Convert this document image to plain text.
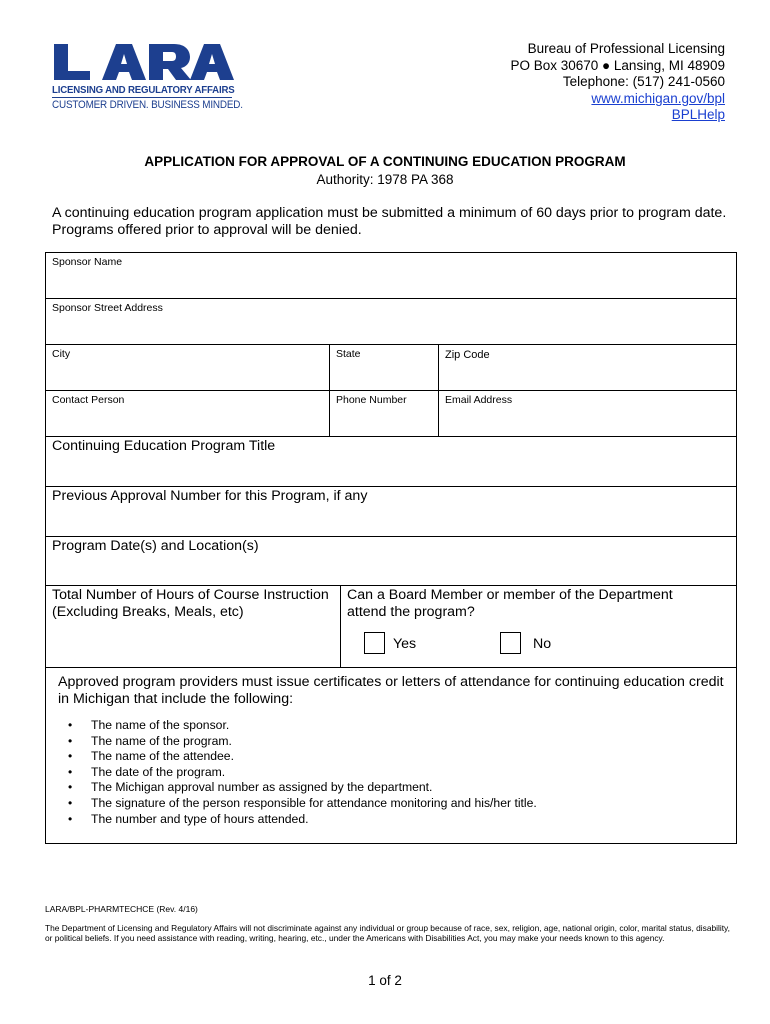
LICENSING AND REGULATORY AFFAIRS
CUSTOMER DRIVEN. BUSINESS MINDED.
Bureau of Professional Licensing
PO Box 30670 ● Lansing, MI 48909
Telephone: (517) 241-0560
www.michigan.gov/bpl
BPLHelp
APPLICATION FOR APPROVAL OF A CONTINUING EDUCATION PROGRAM
Authority: 1978 PA 368
A continuing education program application must be submitted a minimum of 60 days prior to program date. Programs offered prior to approval will be denied.
Sponsor Name
Sponsor Street Address
City	State	Zip Code
Contact Person	Phone Number	Email Address
Continuing Education Program Title
Previous Approval Number for this Program, if any
Program Date(s) and Location(s)
Total Number of Hours of Course Instruction
(Excluding Breaks, Meals, etc)
Can a Board Member or member of the Department attend the program?
Yes	No
Approved program providers must issue certificates or letters of attendance for continuing education credit in Michigan that include the following:
• The name of the sponsor.
• The name of the program.
• The name of the attendee.
• The date of the program.
• The Michigan approval number as assigned by the department.
• The signature of the person responsible for attendance monitoring and his/her title.
• The number and type of hours attended.
LARA/BPL-PHARMTECHCE (Rev. 4/16)
The Department of Licensing and Regulatory Affairs will not discriminate against any individual or group because of race, sex, religion, age, national origin, color, marital status, disability, or political beliefs. If you need assistance with reading, writing, hearing, etc., under the Americans with Disabilities Act, you may make your needs known to this agency.
1 of 2
